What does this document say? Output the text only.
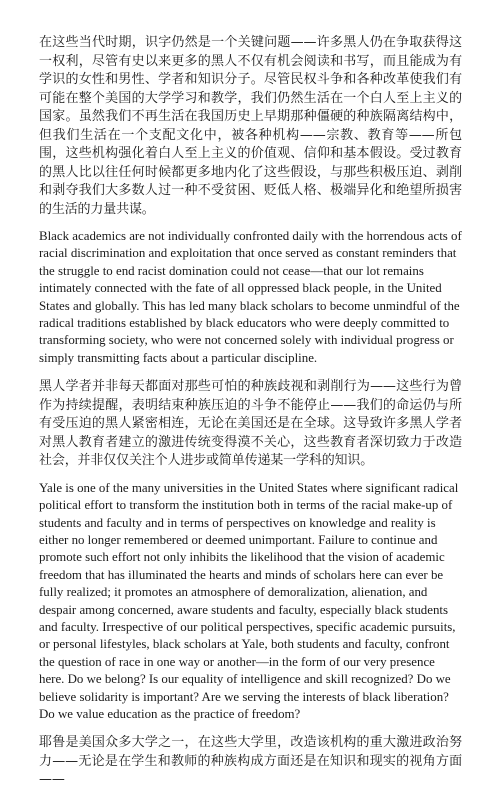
在这些当代时期，识字仍然是一个关键问题——许多黑人仍在争取获得这一权利，尽管有史以来更多的黑人不仅有机会阅读和书写，而且能成为有学识的女性和男性、学者和知识分子。尽管民权斗争和各种改革使我们有可能在整个美国的大学学习和教学，我们仍然生活在一个白人至上主义的国家。虽然我们不再生活在我国历史上早期那种僵硬的种族隔离结构中，但我们生活在一个支配文化中，被各种机构——宗教、教育等——所包围，这些机构强化着白人至上主义的价值观、信仰和基本假设。受过教育的黑人比以往任何时候都更多地内化了这些假设，与那些积极压迫、剥削和剥夺我们大多数人过一种不受贫困、贬低人格、极端异化和绝望所损害的生活的力量共谋。

Black academics are not individually confronted daily with the horrendous acts of racial discrimination and exploitation that once served as constant reminders that the struggle to end racist domination could not cease—that our lot remains intimately connected with the fate of all oppressed black people, in the United States and globally. This has led many black scholars to become unmindful of the radical traditions established by black educators who were deeply committed to transforming society, who were not concerned solely with individual progress or simply transmitting facts about a particular discipline.

黑人学者并非每天都面对那些可怕的种族歧视和剥削行为——这些行为曾作为持续提醒，表明结束种族压迫的斗争不能停止——我们的命运仍与所有受压迫的黑人紧密相连，无论在美国还是在全球。这导致许多黑人学者对黑人教育者建立的激进传统变得漠不关心，这些教育者深切致力于改造社会，并非仅仅关注个人进步或简单传递某一学科的知识。

Yale is one of the many universities in the United States where significant radical political effort to transform the institution both in terms of the racial make-up of students and faculty and in terms of perspectives on knowledge and reality is either no longer remembered or deemed unimportant. Failure to continue and promote such effort not only inhibits the likelihood that the vision of academic freedom that has illuminated the hearts and minds of scholars here can ever be fully realized; it promotes an atmosphere of demoralization, alienation, and despair among concerned, aware students and faculty, especially black students and faculty. Irrespective of our political perspectives, specific academic pursuits, or personal lifestyles, black scholars at Yale, both students and faculty, confront the question of race in one way or another—in the form of our very presence here. Do we belong? Is our equality of intelligence and skill recognized? Do we believe solidarity is important? Are we serving the interests of black liberation? Do we value education as the practice of freedom?

耶鲁是美国众多大学之一，在这些大学里，改造该机构的重大激进政治努力——无论是在学生和教师的种族构成方面还是在知识和现实的视角方面——
